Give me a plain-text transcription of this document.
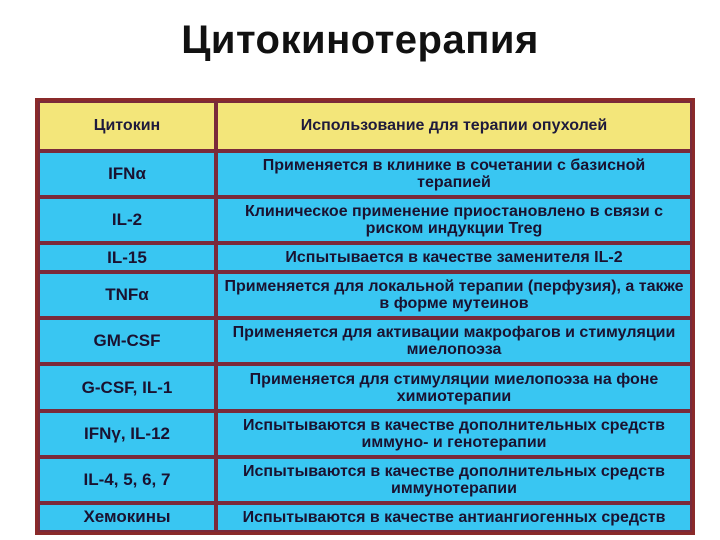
Цитокинотерапия
Цитокин	Использование для терапии опухолей
IFNα	Применяется в клинике в сочетании с базисной терапией
IL-2	Клиническое применение приостановлено в связи с риском индукции Treg
IL-15	Испытывается в качестве заменителя IL-2
TNFα	Применяется для локальной терапии (перфузия), а также в форме мутеинов
GM-CSF	Применяется для активации макрофагов и стимуляции миелопоэза
G-CSF, IL-1	Применяется для стимуляции миелопоэза на фоне химиотерапии
IFNγ, IL-12	Испытываются в качестве дополнительных средств иммуно- и генотерапии
IL-4, 5, 6, 7	Испытываются в качестве дополнительных средств иммунотерапии
Хемокины	Испытываются в качестве антиангиогенных средств
